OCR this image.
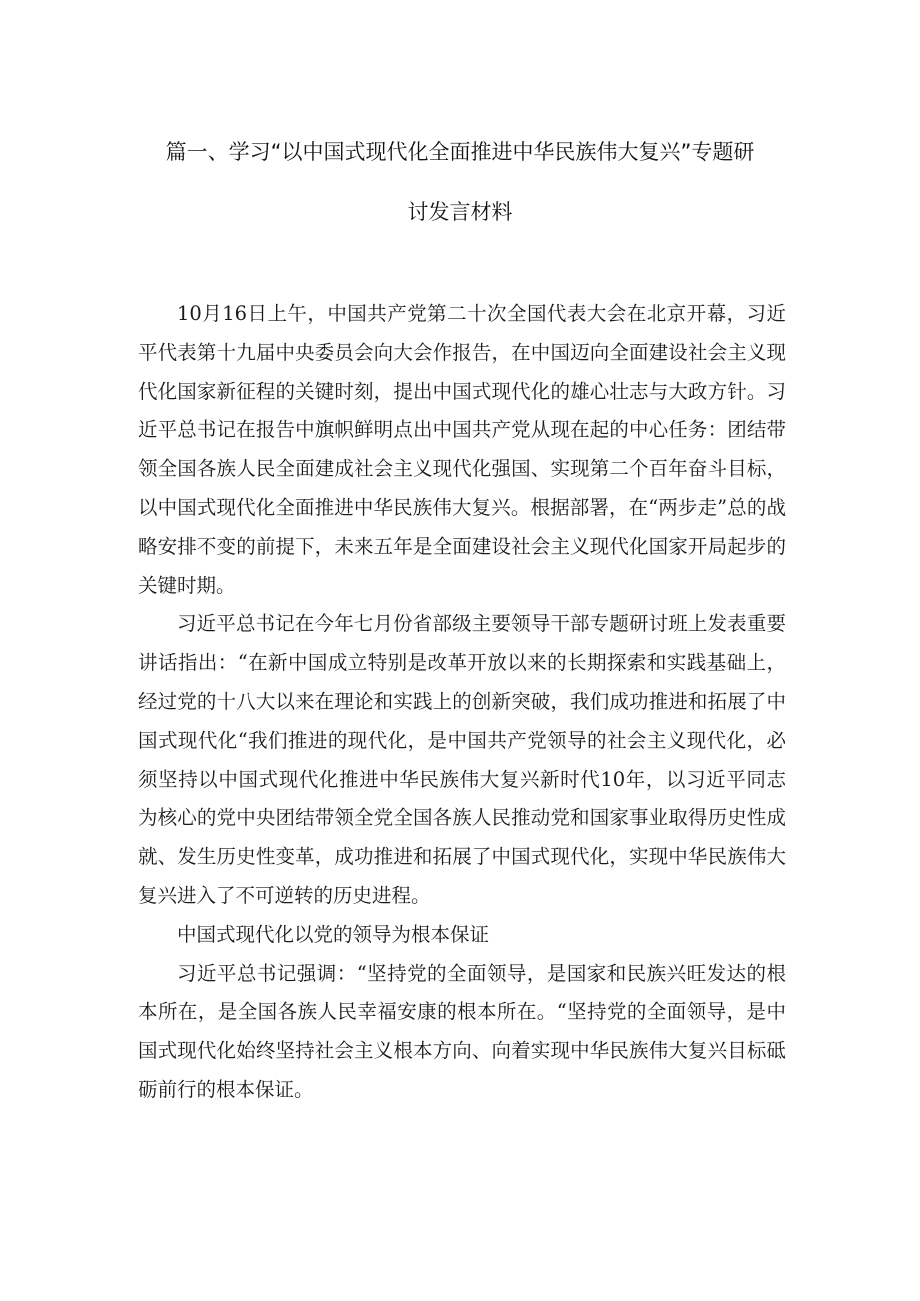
篇一、学习“以中国式现代化全面推进中华民族伟大复兴”专题研
讨发言材料

10月16日上午，中国共产党第二十次全国代表大会在北京开幕，习近平代表第十九届中央委员会向大会作报告，在中国迈向全面建设社会主义现代化国家新征程的关键时刻，提出中国式现代化的雄心壮志与大政方针。习近平总书记在报告中旗帜鲜明点出中国共产党从现在起的中心任务：团结带领全国各族人民全面建成社会主义现代化强国、实现第二个百年奋斗目标，以中国式现代化全面推进中华民族伟大复兴。根据部署，在“两步走”总的战略安排不变的前提下，未来五年是全面建设社会主义现代化国家开局起步的关键时期。

习近平总书记在今年七月份省部级主要领导干部专题研讨班上发表重要讲话指出：“在新中国成立特别是改革开放以来的长期探索和实践基础上，经过党的十八大以来在理论和实践上的创新突破，我们成功推进和拓展了中国式现代化“我们推进的现代化，是中国共产党领导的社会主义现代化，必须坚持以中国式现代化推进中华民族伟大复兴新时代10年，以习近平同志为核心的党中央团结带领全党全国各族人民推动党和国家事业取得历史性成就、发生历史性变革，成功推进和拓展了中国式现代化，实现中华民族伟大复兴进入了不可逆转的历史进程。

中国式现代化以党的领导为根本保证

习近平总书记强调：“坚持党的全面领导，是国家和民族兴旺发达的根本所在，是全国各族人民幸福安康的根本所在。“坚持党的全面领导，是中国式现代化始终坚持社会主义根本方向、向着实现中华民族伟大复兴目标砥砺前行的根本保证。
